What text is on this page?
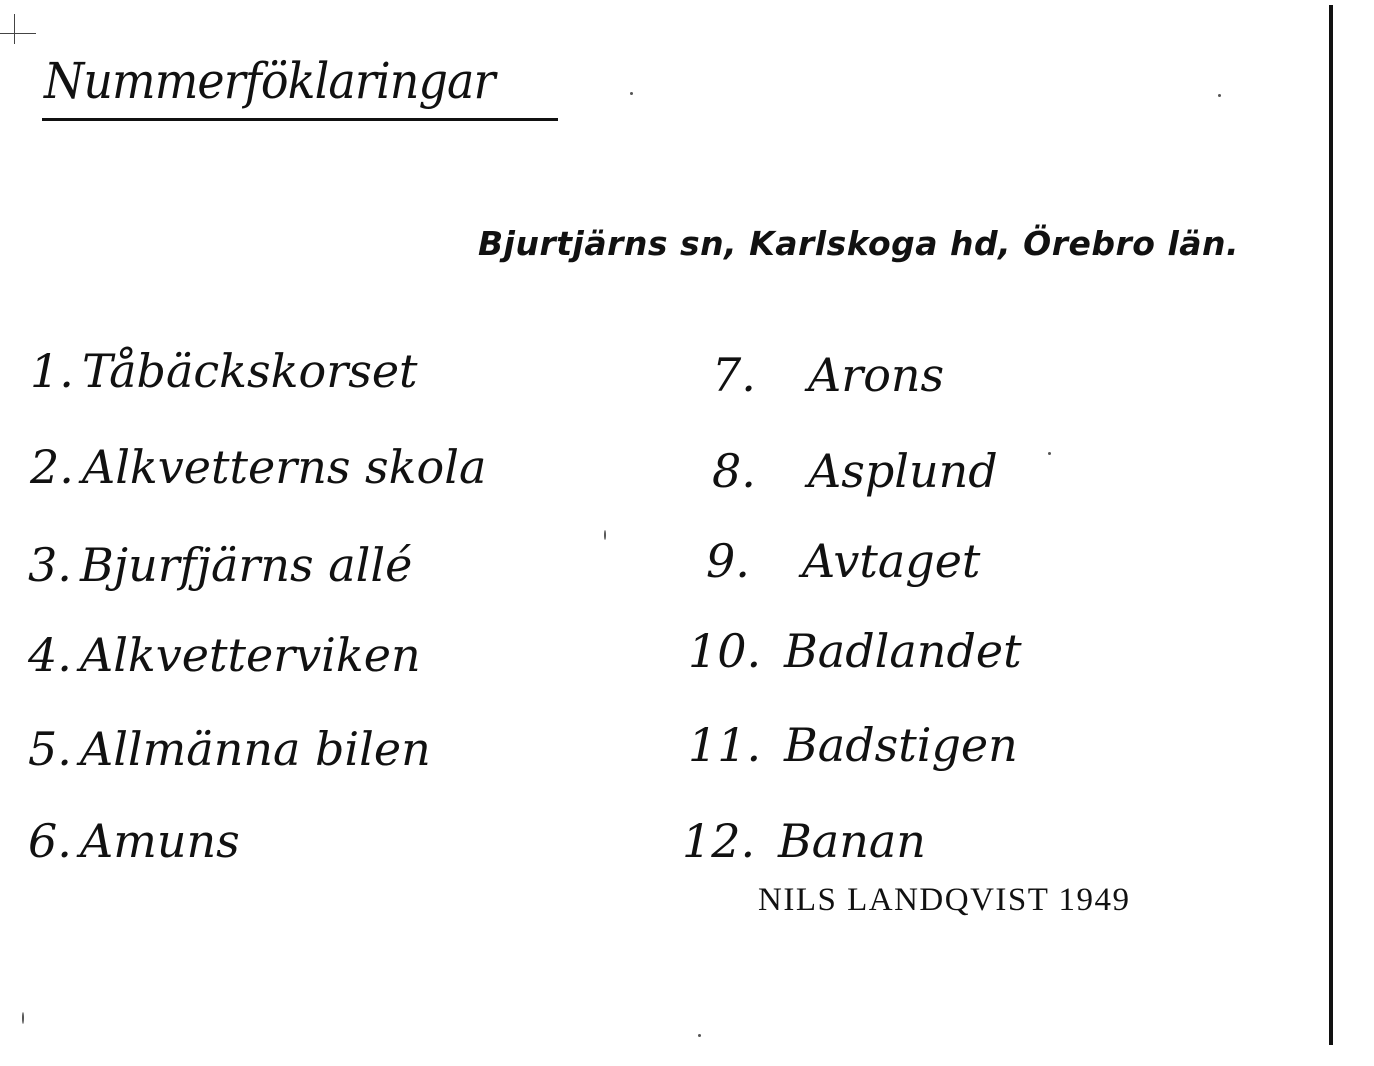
Nummerföklaringar
Bjurtjärns sn, Karlskoga hd, Örebro län.
1. Tåbäckskorset
2. Alkvetterns skola
3. Bjurfjärns allé
4. Alkvetterviken
5. Allmänna bilen
6. Amuns
7.	Arons
8.	Asplund
9.	Avtaget
10. Badlandet
11. Badstigen
12. Banan
NILS LANDQVIST 1949
